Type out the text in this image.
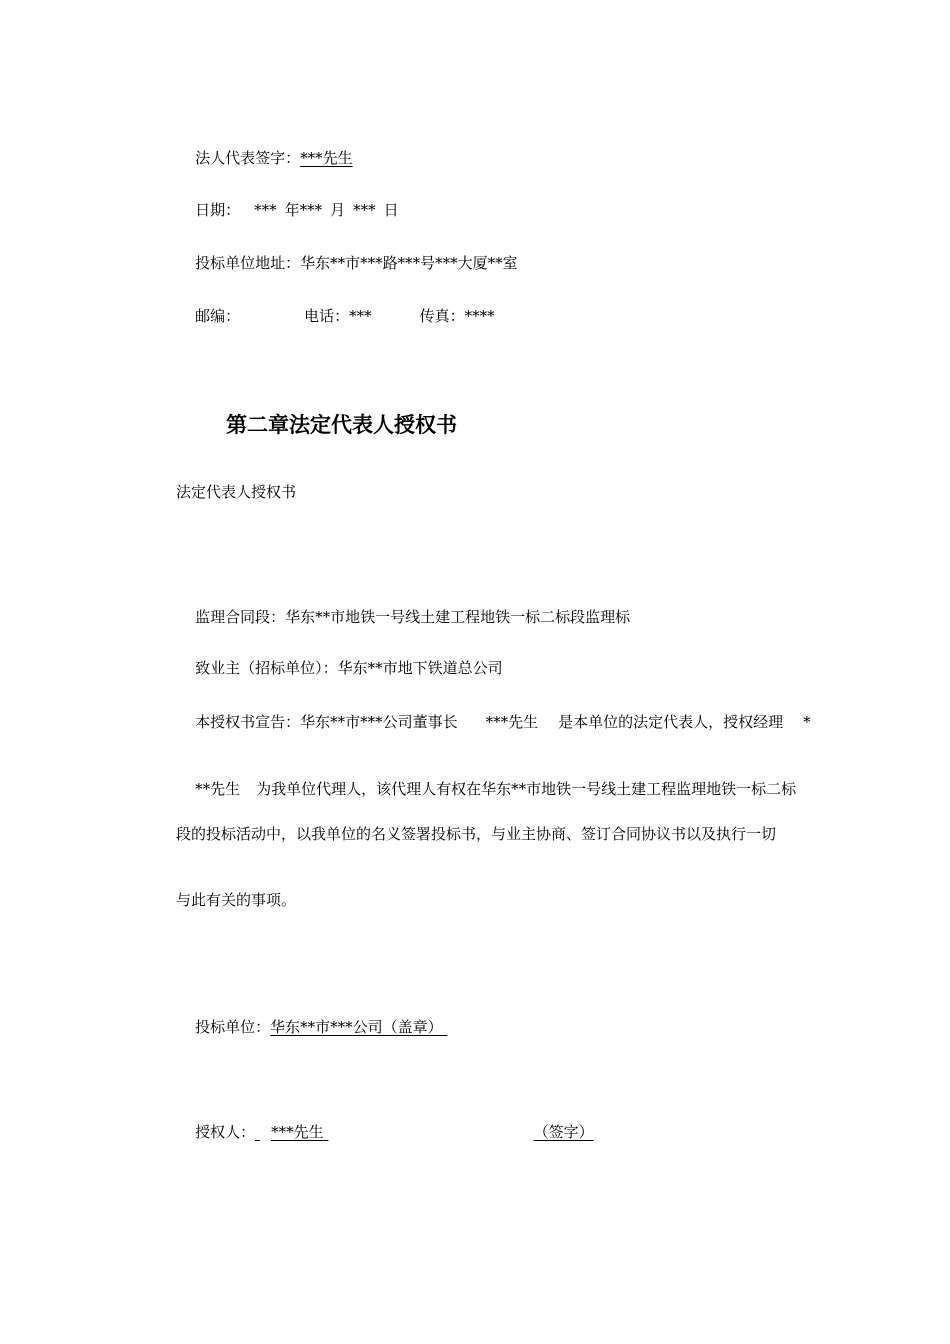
法人代表签字：***先生

日期： *** 年*** 月 *** 日

投标单位地址：华东**市***路***号***大厦**室

邮编：	电话：***	传真：****

第二章法定代表人授权书
法定代表人授权书

监理合同段：华东**市地铁一号线土建工程地铁一标二标段监理标

致业主（招标单位）：华东**市地下铁道总公司

本授权书宣告：华东**市***公司董事长 ***先生 是本单位的法定代表人，授权经理 *

**先生 为我单位代理人，该代理人有权在华东**市地铁一号线土建工程监理地铁一标二标

段的投标活动中，以我单位的名义签署投标书，与业主协商、签订合同协议书以及执行一切
与此有关的事项。

投标单位：华东**市***公司（盖章）

授权人： ***先生	（签字）
